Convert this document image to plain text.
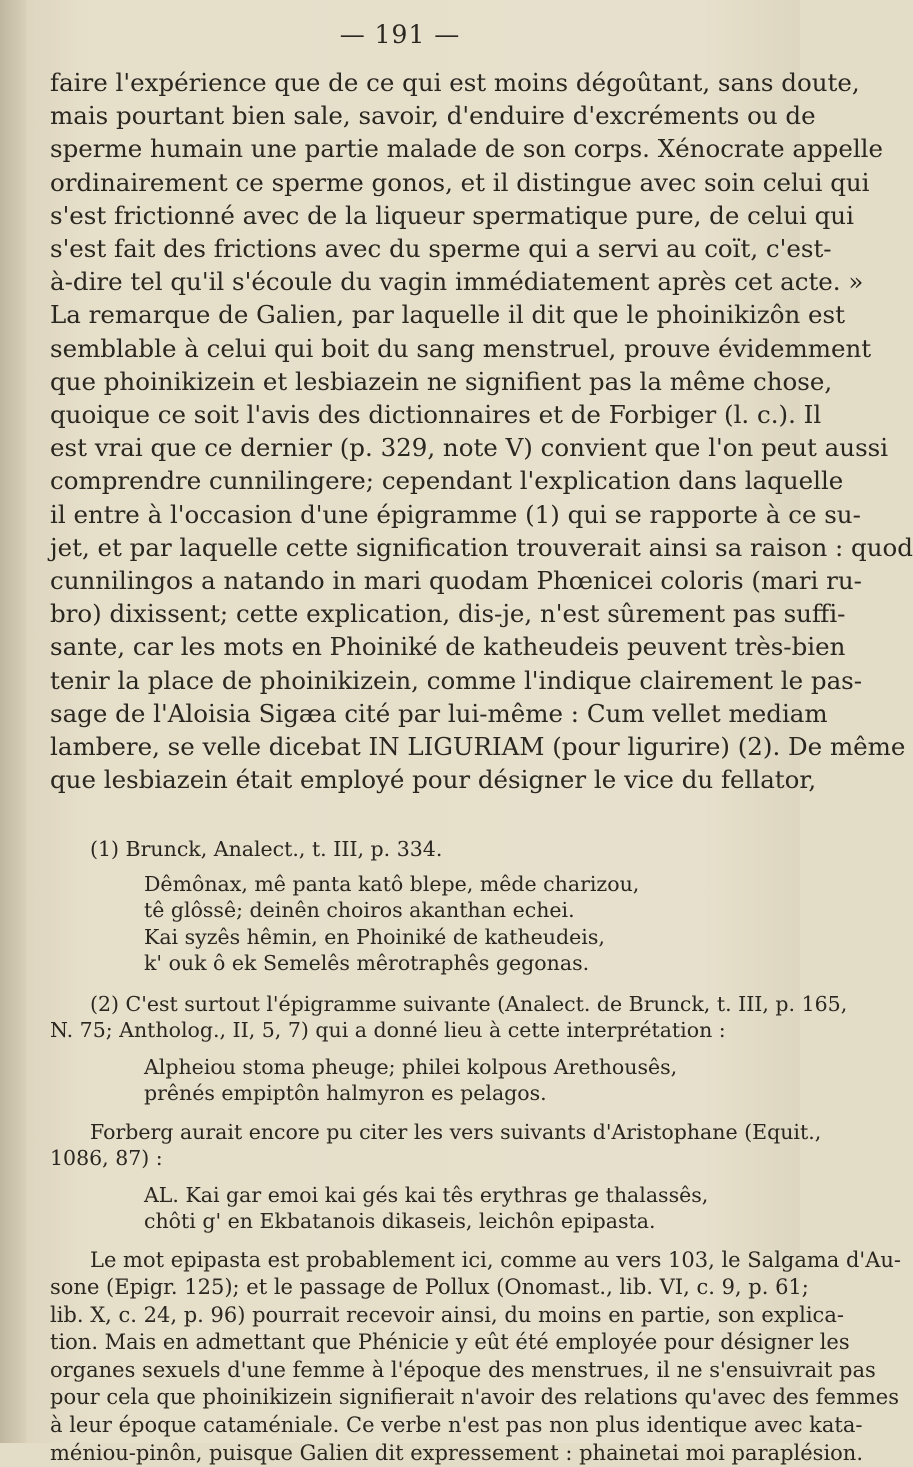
— 191 —

faire l'expérience que de ce qui est moins dégoûtant, sans doute,
mais pourtant bien sale, savoir, d'enduire d'excréments ou de
sperme humain une partie malade de son corps. Xénocrate appelle
ordinairement ce sperme gonos, et il distingue avec soin celui qui
s'est frictionné avec de la liqueur spermatique pure, de celui qui
s'est fait des frictions avec du sperme qui a servi au coït, c'est-
à-dire tel qu'il s'écoule du vagin immédiatement après cet acte. »
La remarque de Galien, par laquelle il dit que le phoinikizôn est
semblable à celui qui boit du sang menstruel, prouve évidemment
que phoinikizein et lesbiazein ne signifient pas la même chose,
quoique ce soit l'avis des dictionnaires et de Forbiger (l. c.). Il
est vrai que ce dernier (p. 329, note V) convient que l'on peut aussi
comprendre cunnilingere; cependant l'explication dans laquelle
il entre à l'occasion d'une épigramme (1) qui se rapporte à ce su-
jet, et par laquelle cette signification trouverait ainsi sa raison : quod
cunnilingos a natando in mari quodam Phœnicei coloris (mari ru-
bro) dixissent; cette explication, dis-je, n'est sûrement pas suffi-
sante, car les mots en Phoiniké de katheudeis peuvent très-bien
tenir la place de phoinikizein, comme l'indique clairement le pas-
sage de l'Aloisia Sigæa cité par lui-même : Cum vellet mediam
lambere, se velle dicebat IN LIGURIAM (pour ligurire) (2). De même
que lesbiazein était employé pour désigner le vice du fellator,

(1) Brunck, Analect., t. III, p. 334.
Dêmônax, mê panta katô blepe, mêde charizou,
tê glôssê; deinên choiros akanthan echei.
Kai syzês hêmin, en Phoiniké de katheudeis,
k' ouk ô ek Semelês mêrotraphês gegonas.
(2) C'est surtout l'épigramme suivante (Analect. de Brunck, t. III, p. 165,
N. 75; Antholog., II, 5, 7) qui a donné lieu à cette interprétation :
Alpheiou stoma pheuge; philei kolpous Arethousês,
prênés empiptôn halmyron es pelagos.
Forberg aurait encore pu citer les vers suivants d'Aristophane (Equit.,
1086, 87) :
AL. Kai gar emoi kai gés kai tês erythras ge thalassês,
chôti g' en Ekbatanois dikaseis, leichôn epipasta.
Le mot epipasta est probablement ici, comme au vers 103, le Salgama d'Au-
sone (Epigr. 125); et le passage de Pollux (Onomast., lib. VI, c. 9, p. 61;
lib. X, c. 24, p. 96) pourrait recevoir ainsi, du moins en partie, son explica-
tion. Mais en admettant que Phénicie y eût été employée pour désigner les
organes sexuels d'une femme à l'époque des menstrues, il ne s'ensuivrait pas
pour cela que phoinikizein signifierait n'avoir des relations qu'avec des femmes
à leur époque cataméniale. Ce verbe n'est pas non plus identique avec kata-
méniou-pinôn, puisque Galien dit expressement : phainetai moi paraplésion.
